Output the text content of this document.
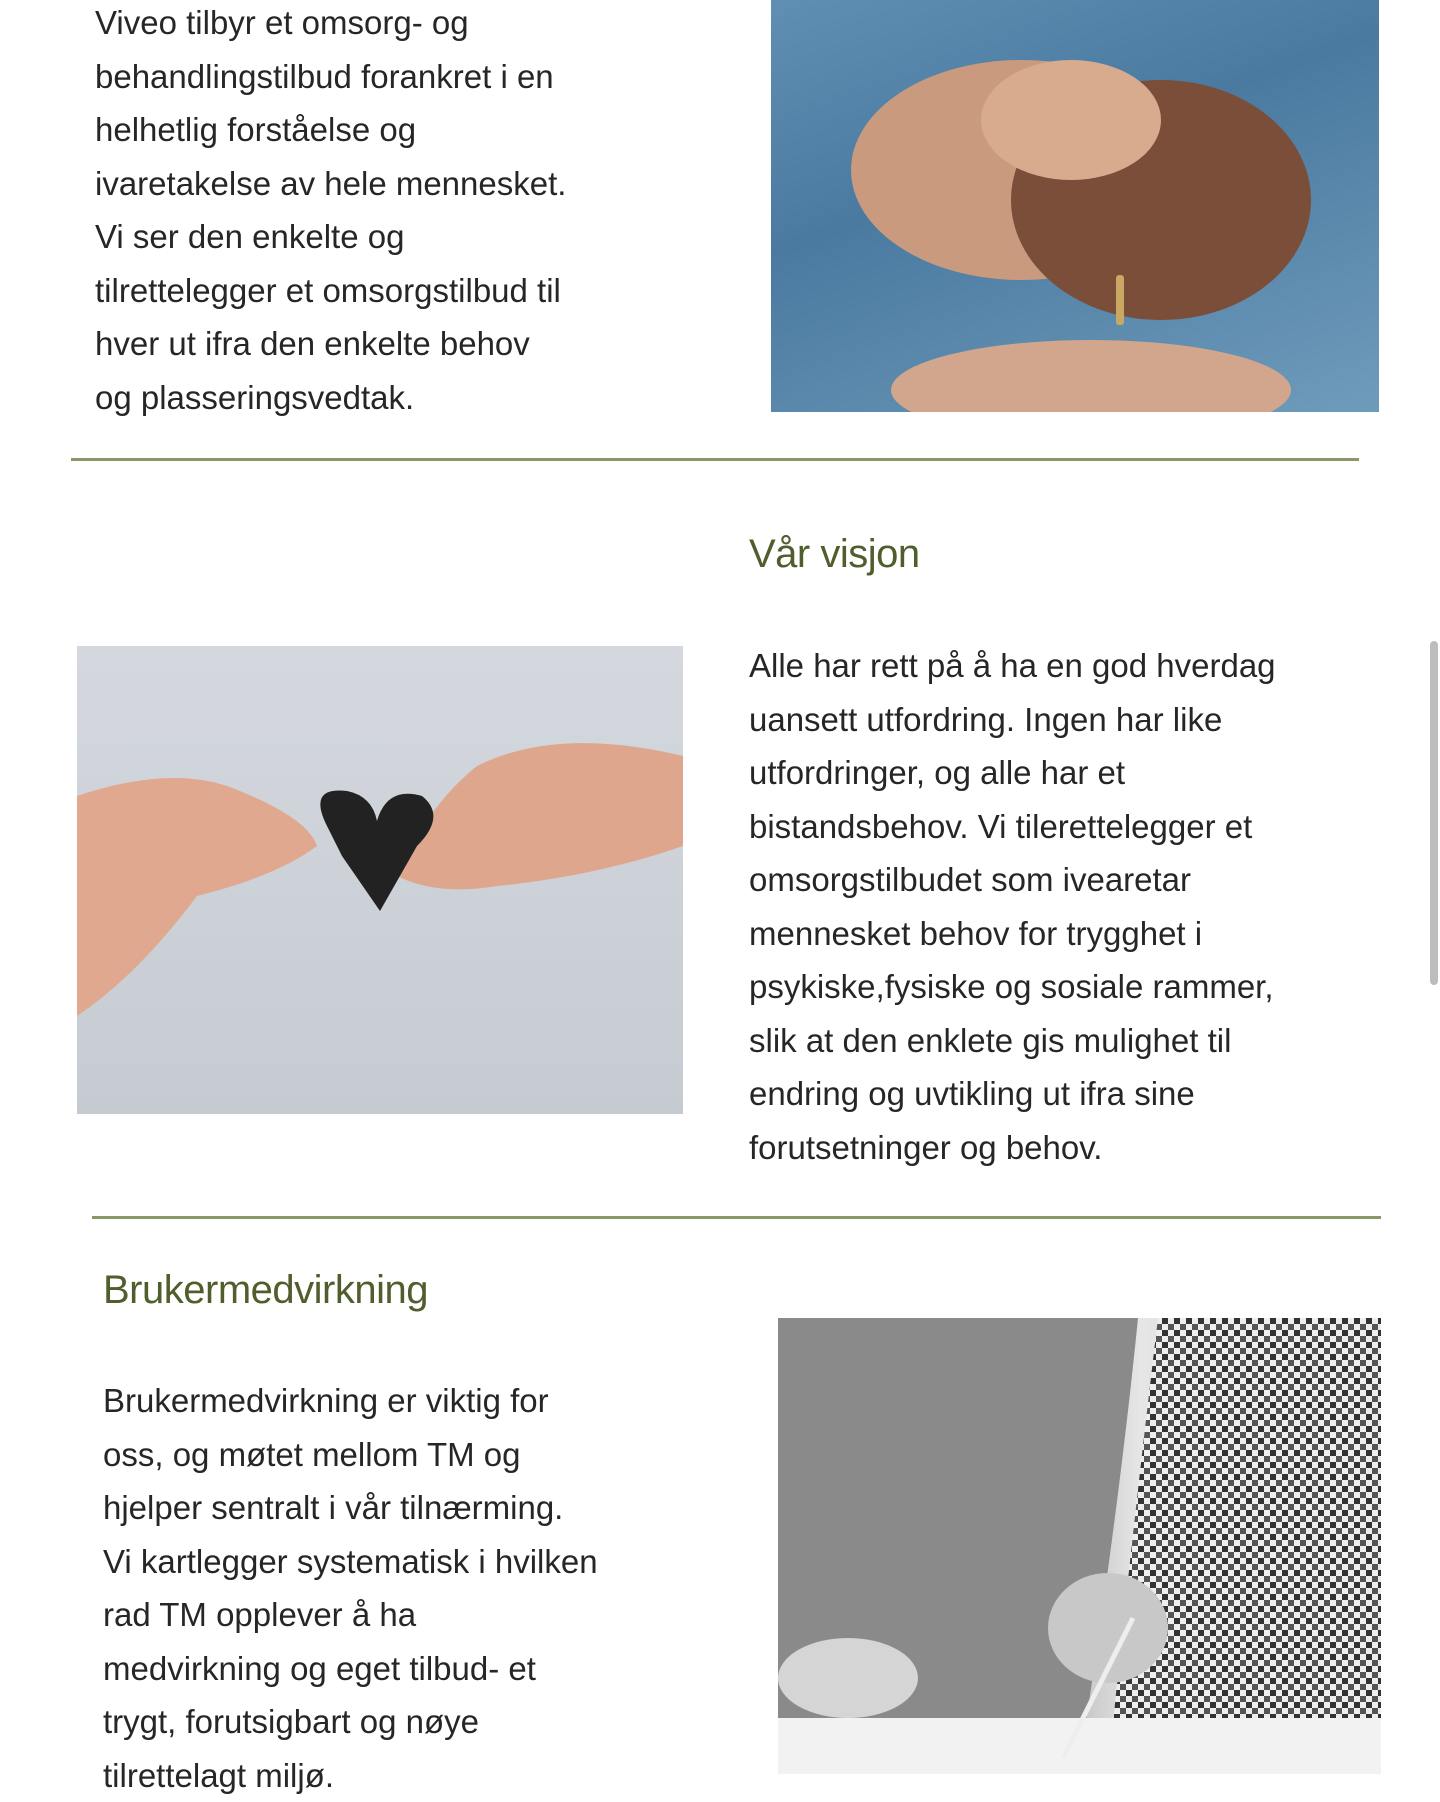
Viveo tilbyr et omsorg- og
behandlingstilbud forankret i en
helhetlig forståelse og
ivaretakelse av hele mennesket.
Vi ser den enkelte og
tilrettelegger et omsorgstilbud til
hver ut ifra den enkelte behov
og plasseringsvedtak.
Vår visjon
Alle har rett på å ha en god hverdag
uansett utfordring. Ingen har like
utfordringer, og alle har et
bistandsbehov. Vi tilerettelegger et
omsorgstilbudet som ivearetar
mennesket behov for trygghet i
psykiske,fysiske og sosiale rammer,
slik at den enklete gis mulighet til
endring og uvtikling ut ifra sine
forutsetninger og behov.
Brukermedvirkning
Brukermedvirkning er viktig for
oss, og møtet mellom TM og
hjelper sentralt i vår tilnærming.
Vi kartlegger systematisk i hvilken
rad TM opplever å ha
medvirkning og eget tilbud- et
trygt, forutsigbart og nøye
tilrettelagt miljø.
